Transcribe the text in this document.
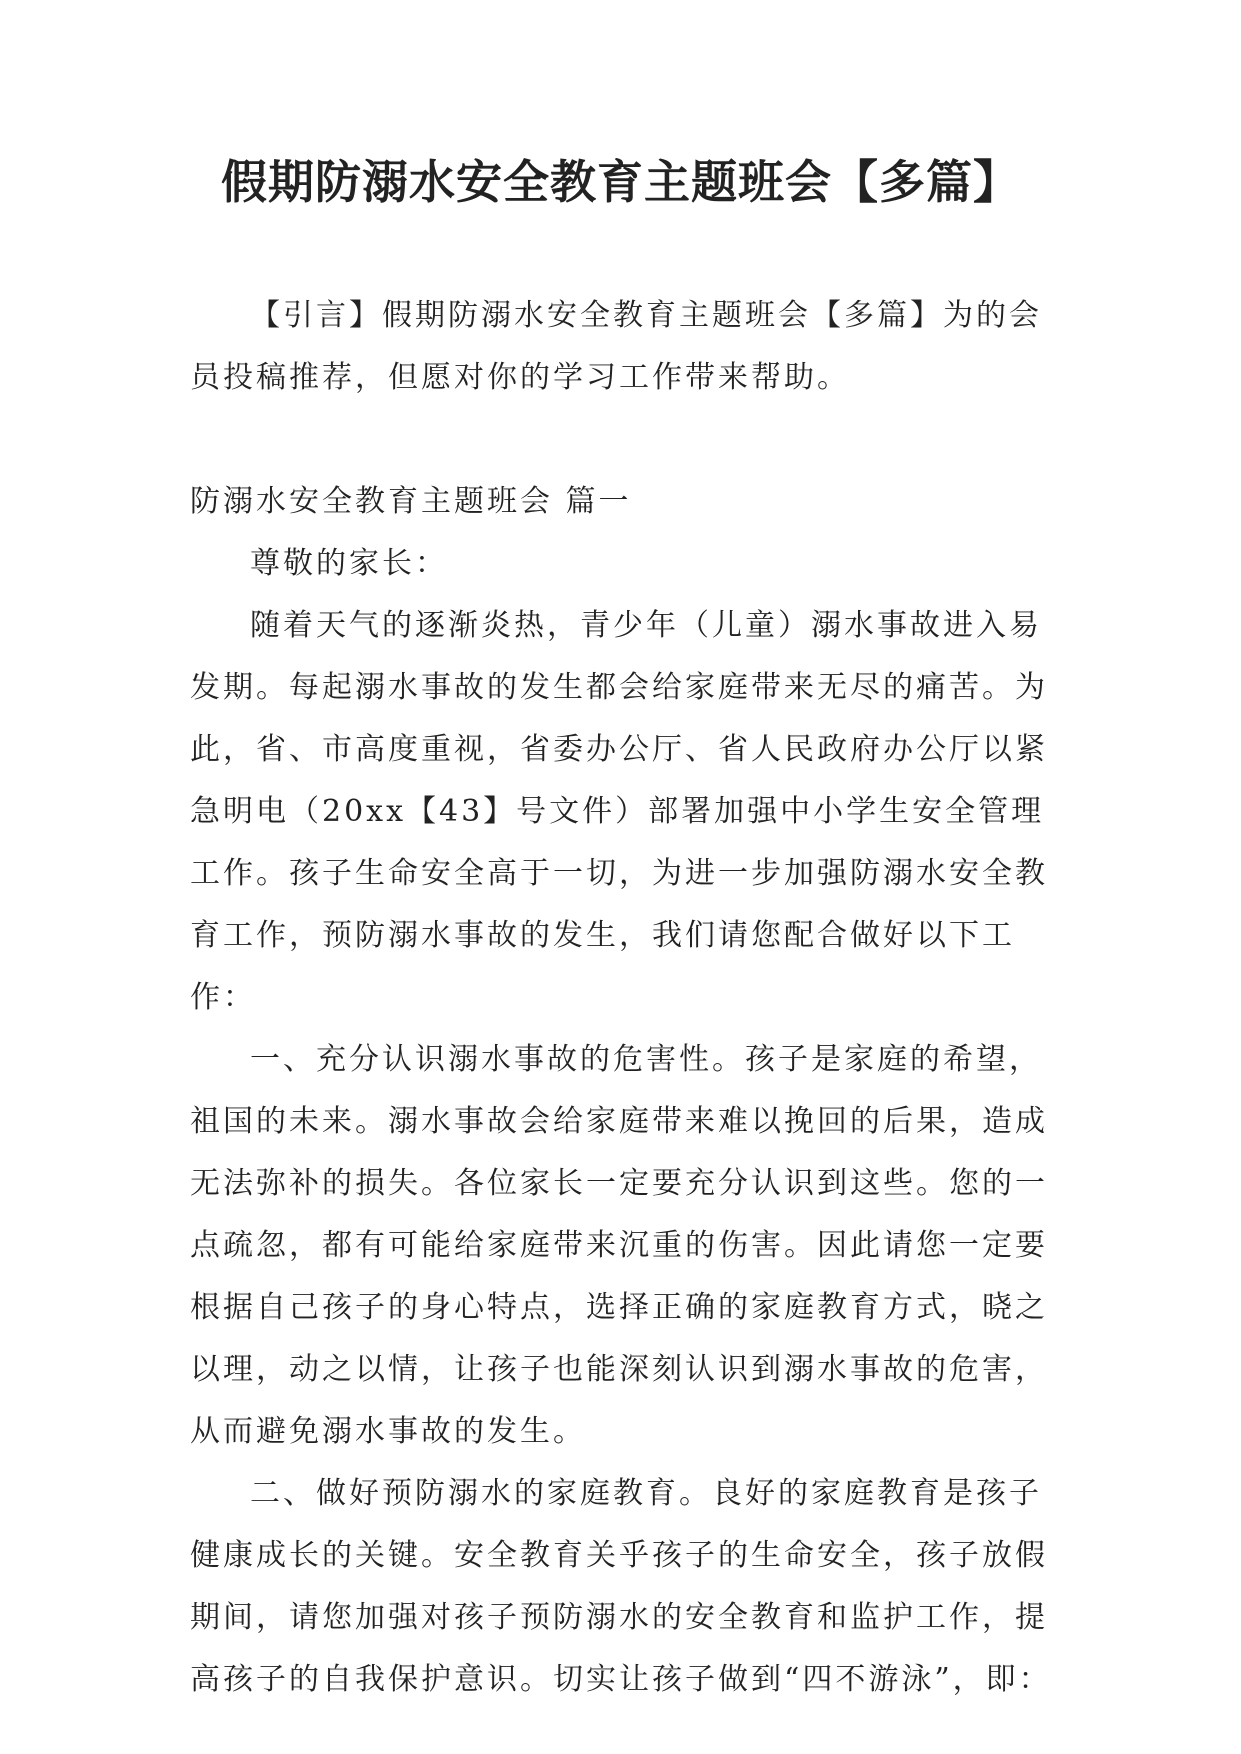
假期防溺水安全教育主题班会【多篇】

【引言】假期防溺水安全教育主题班会【多篇】为的会员投稿推荐，但愿对你的学习工作带来帮助。

防溺水安全教育主题班会 篇一

尊敬的家长：

随着天气的逐渐炎热，青少年（儿童）溺水事故进入易发期。每起溺水事故的发生都会给家庭带来无尽的痛苦。为此，省、市高度重视，省委办公厅、省人民政府办公厅以紧急明电（20xx【43】号文件）部署加强中小学生安全管理工作。孩子生命安全高于一切，为进一步加强防溺水安全教育工作，预防溺水事故的发生，我们请您配合做好以下工作：

一、充分认识溺水事故的危害性。孩子是家庭的希望，祖国的未来。溺水事故会给家庭带来难以挽回的后果，造成无法弥补的损失。各位家长一定要充分认识到这些。您的一点疏忽，都有可能给家庭带来沉重的伤害。因此请您一定要根据自己孩子的身心特点，选择正确的家庭教育方式，晓之以理，动之以情，让孩子也能深刻认识到溺水事故的危害，从而避免溺水事故的发生。

二、做好预防溺水的家庭教育。良好的家庭教育是孩子健康成长的关键。安全教育关乎孩子的生命安全，孩子放假期间，请您加强对孩子预防溺水的安全教育和监护工作，提高孩子的自我保护意识。切实让孩子做到“四不游泳”，即：
